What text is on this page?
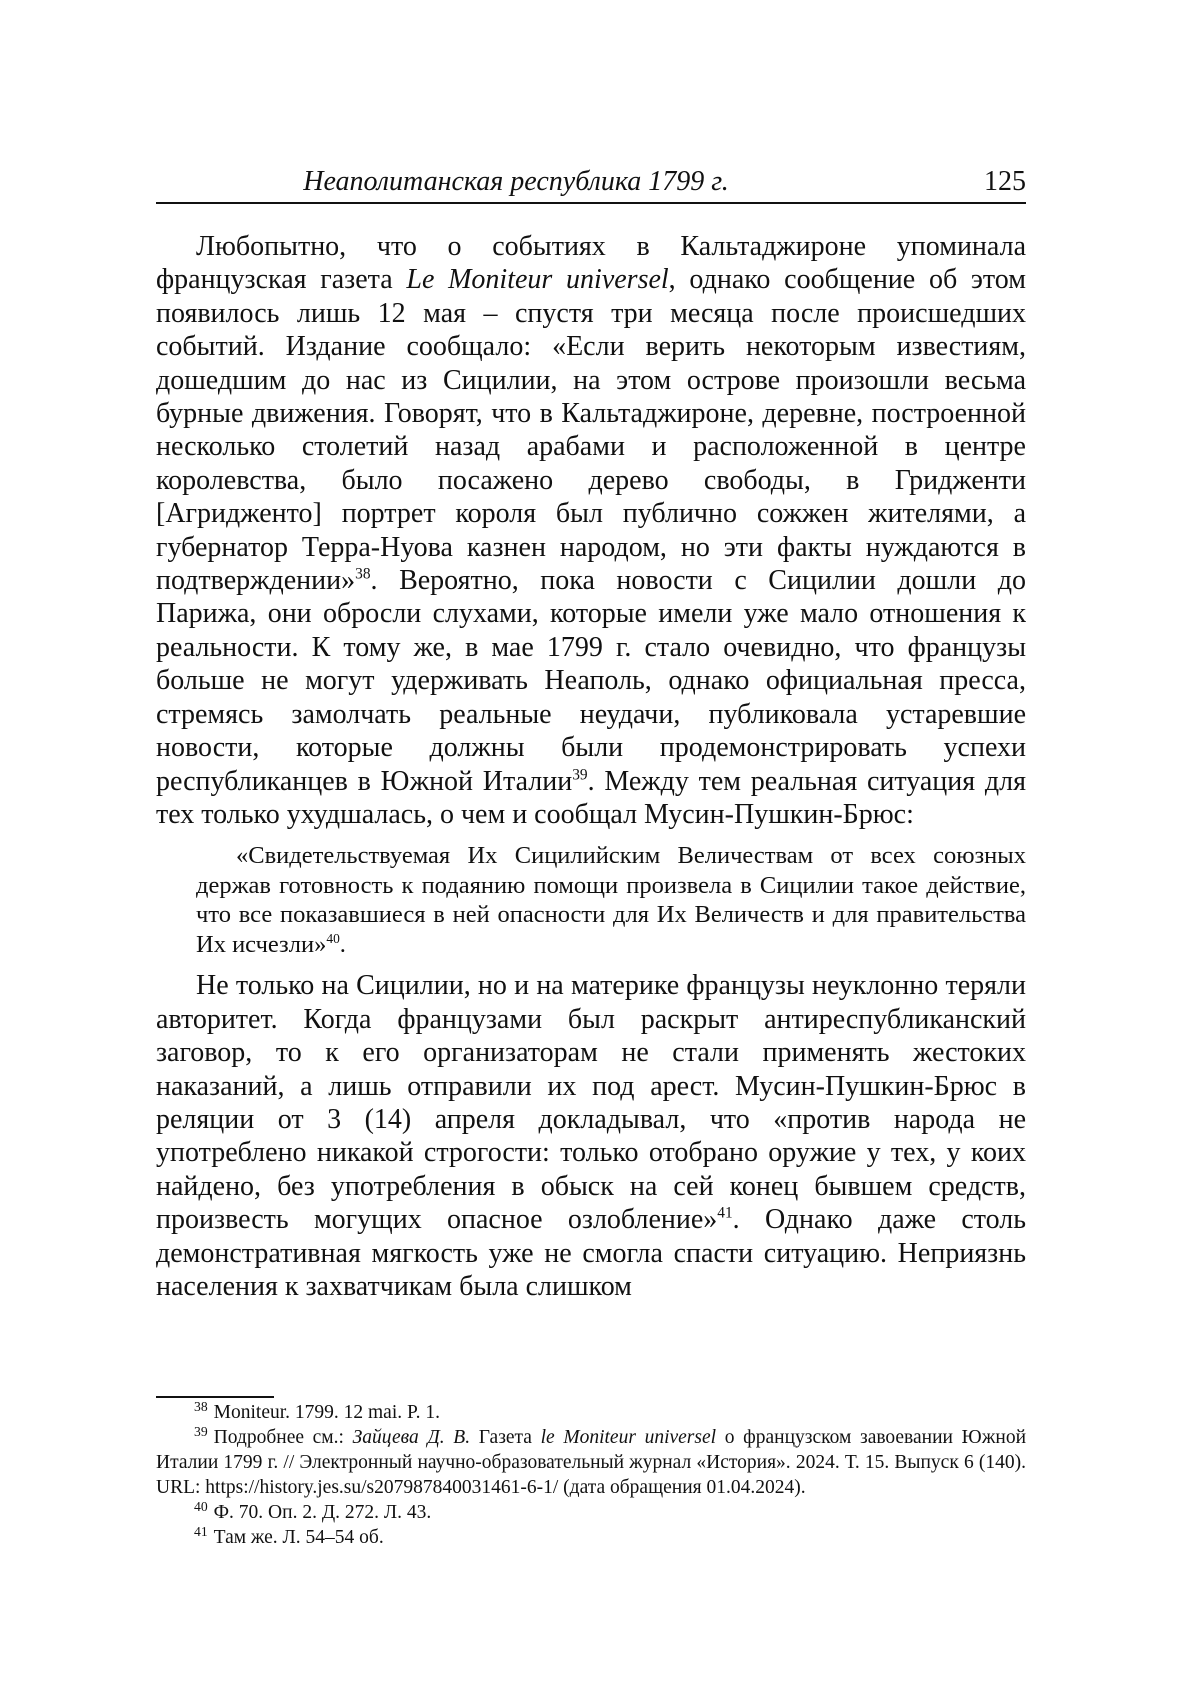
Неаполитанская республика 1799 г.	125

Любопытно, что о событиях в Кальтаджироне упоминала французская газета Le Moniteur universel, однако сообщение об этом появилось лишь 12 мая – спустя три месяца после происшедших событий. Издание сообщало: «Если верить некоторым известиям, дошедшим до нас из Сицилии, на этом острове произошли весьма бурные движения. Говорят, что в Кальтаджироне, деревне, построенной несколько столетий назад арабами и расположенной в центре королевства, было посажено дерево свободы, в Гридженти [Агридженто] портрет короля был публично сожжен жителями, а губернатор Терра-Нуова казнен народом, но эти факты нуждаются в подтверждении»$^{38}$. Вероятно, пока новости с Сицилии дошли до Парижа, они обросли слухами, которые имели уже мало отношения к реальности. К тому же, в мае 1799 г. стало очевидно, что французы больше не могут удерживать Неаполь, однако официальная пресса, стремясь замолчать реальные неудачи, публиковала устаревшие новости, которые должны были продемонстрировать успехи республиканцев в Южной Италии$^{39}$. Между тем реальная ситуация для тех только ухудшалась, о чем и сообщал Мусин-Пушкин-Брюс:

«Свидетельствуемая Их Сицилийским Величествам от всех союзных держав готовность к подаянию помощи произвела в Сицилии такое действие, что все показавшиеся в ней опасности для Их Величеств и для правительства Их исчезли»$^{40}$.

Не только на Сицилии, но и на материке французы неуклонно теряли авторитет. Когда французами был раскрыт антиреспубликанский заговор, то к его организаторам не стали применять жестоких наказаний, а лишь отправили их под арест. Мусин-Пушкин-Брюс в реляции от 3 (14) апреля докладывал, что «против народа не употреблено никакой строгости: только отобрано оружие у тех, у коих найдено, без употребления в обыск на сей конец бывшем средств, произвесть могущих опасное озлобление»$^{41}$. Однако даже столь демонстративная мягкость уже не смогла спасти ситуацию. Неприязнь населения к захватчикам была слишком

$^{38}$ Moniteur. 1799. 12 mai. P. 1.

$^{39}$ Подробнее см.: Зайцева Д. В. Газета le Moniteur universel о французском завоевании Южной Италии 1799 г. // Электронный научно-образовательный журнал «История». 2024. Т. 15. Выпуск 6 (140). URL: https://history.jes.su/s207987840031461-6-1/ (дата обращения 01.04.2024).

$^{40}$ Ф. 70. Оп. 2. Д. 272. Л. 43.

$^{41}$ Там же. Л. 54–54 об.
